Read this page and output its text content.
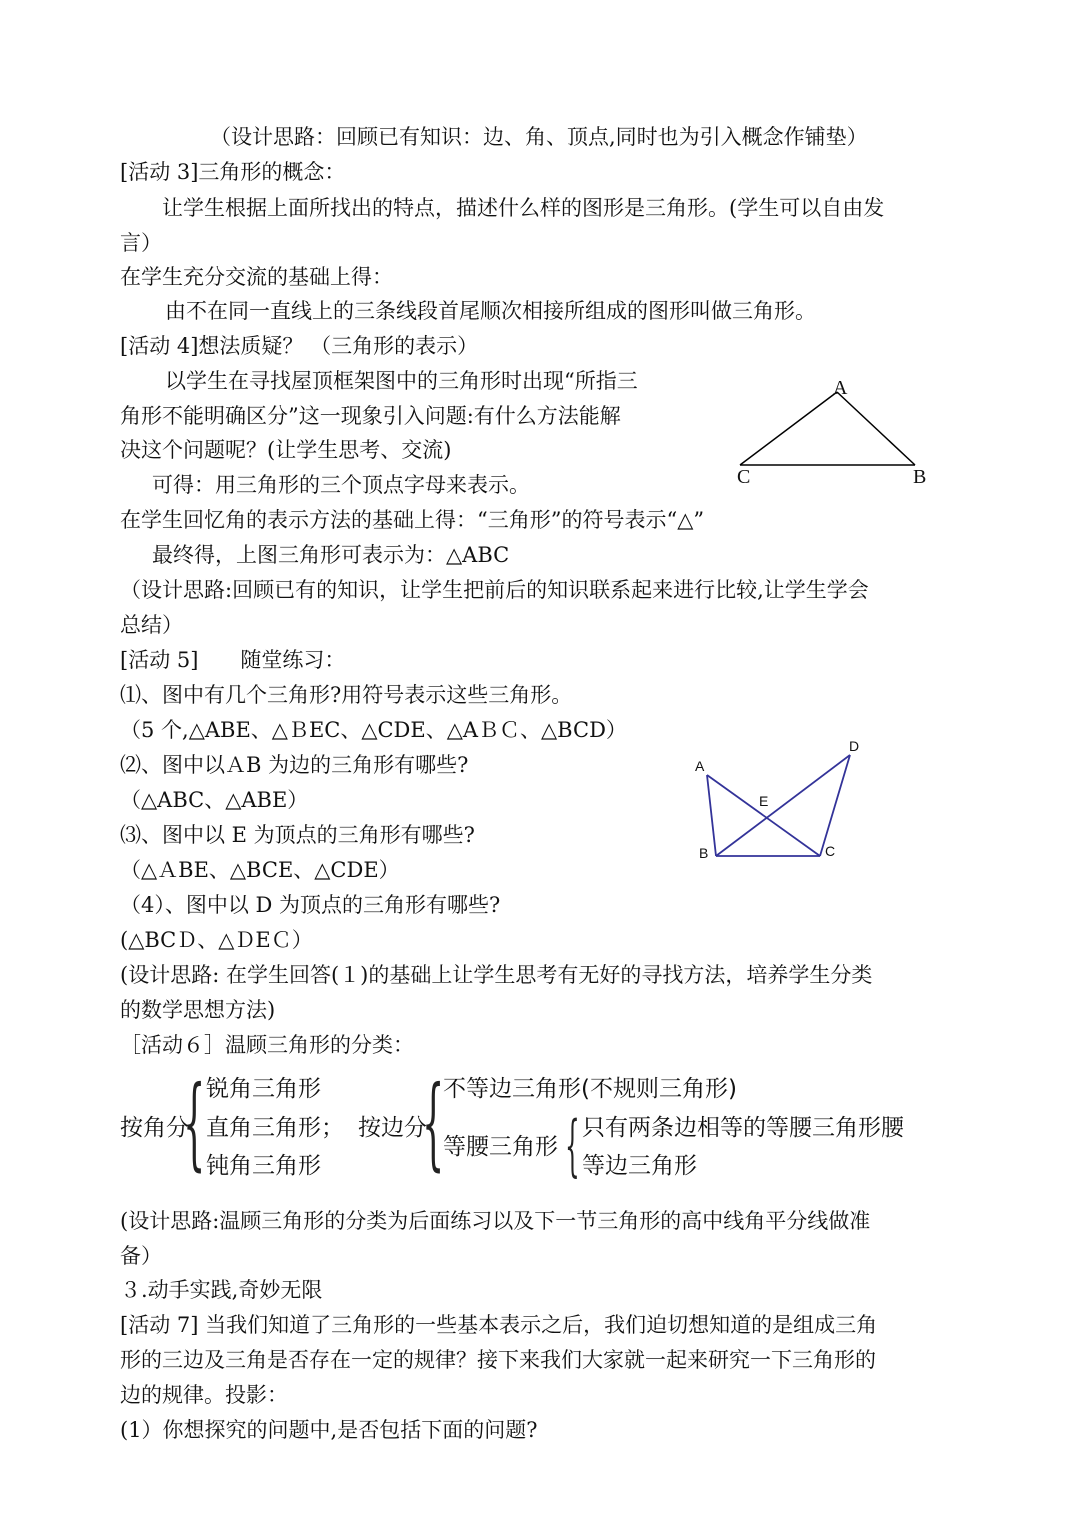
（设计思路：回顾已有知识：边、角、顶点,同时也为引入概念作铺垫）
[活动 3]三角形的概念：
让学生根据上面所找出的特点，描述什么样的图形是三角形。(学生可以自由发
言）
在学生充分交流的基础上得：
由不在同一直线上的三条线段首尾顺次相接所组成的图形叫做三角形。
[活动 4]想法质疑？ （三角形的表示）
以学生在寻找屋顶框架图中的三角形时出现“所指三
角形不能明确区分”这一现象引入问题:有什么方法能解
决这个问题呢？(让学生思考、交流)
可得：用三角形的三个顶点字母来表示。
在学生回忆角的表示方法的基础上得：“三角形”的符号表示“△”
最终得，上图三角形可表示为：△ABC
（设计思路:回顾已有的知识，让学生把前后的知识联系起来进行比较,让学生学会
总结）
[活动 5]　　随堂练习：
⑴、图中有几个三角形?用符号表示这些三角形。
（5 个,△ABE、△ＢEC、△CDE、△AＢＣ、△BCD）
⑵、图中以ＡB 为边的三角形有哪些?
（△ABC、△ABE）
⑶、图中以 E 为顶点的三角形有哪些?
（△ＡBE、△BCE、△CDE）
（4）、图中以 D 为顶点的三角形有哪些?
(△BCＤ、△ＤEＣ）
(设计思路: 在学生回答(１)的基础上让学生思考有无好的寻找方法，培养学生分类
的数学思想方法)
［活动６］温顾三角形的分类：
按角分
{ 锐角三角形
直角三角形；
钝角三角形
按边分
{
不等边三角形(不规则三角形)
等腰三角形 { 只有两条边相等的等腰三角形腰
等边三角形
(设计思路:温顾三角形的分类为后面练习以及下一节三角形的高中线角平分线做准
备）
３.动手实践,奇妙无限
[活动 7] 当我们知道了三角形的一些基本表示之后，我们迫切想知道的是组成三角
形的三边及三角是否存在一定的规律？接下来我们大家就一起来研究一下三角形的
边的规律。投影：
(1）你想探究的问题中,是否包括下面的问题?
A
C	B
A
B	C
D
E
